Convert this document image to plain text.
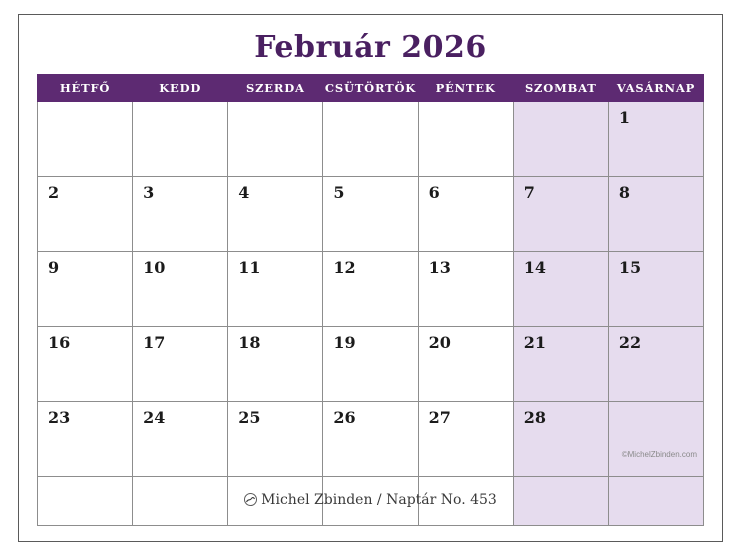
Február 2026
HÉTFŐ	KEDD	SZERDA	CSÜTÖRTÖK	PÉNTEK	SZOMBAT	VASÁRNAP
						1
2	3	4	5	6	7	8
9	10	11	12	13	14	15
16	17	18	19	20	21	22
23	24	25	26	27	28	

©MichelZbinden.com
Michel Zbinden / Naptár No. 453
